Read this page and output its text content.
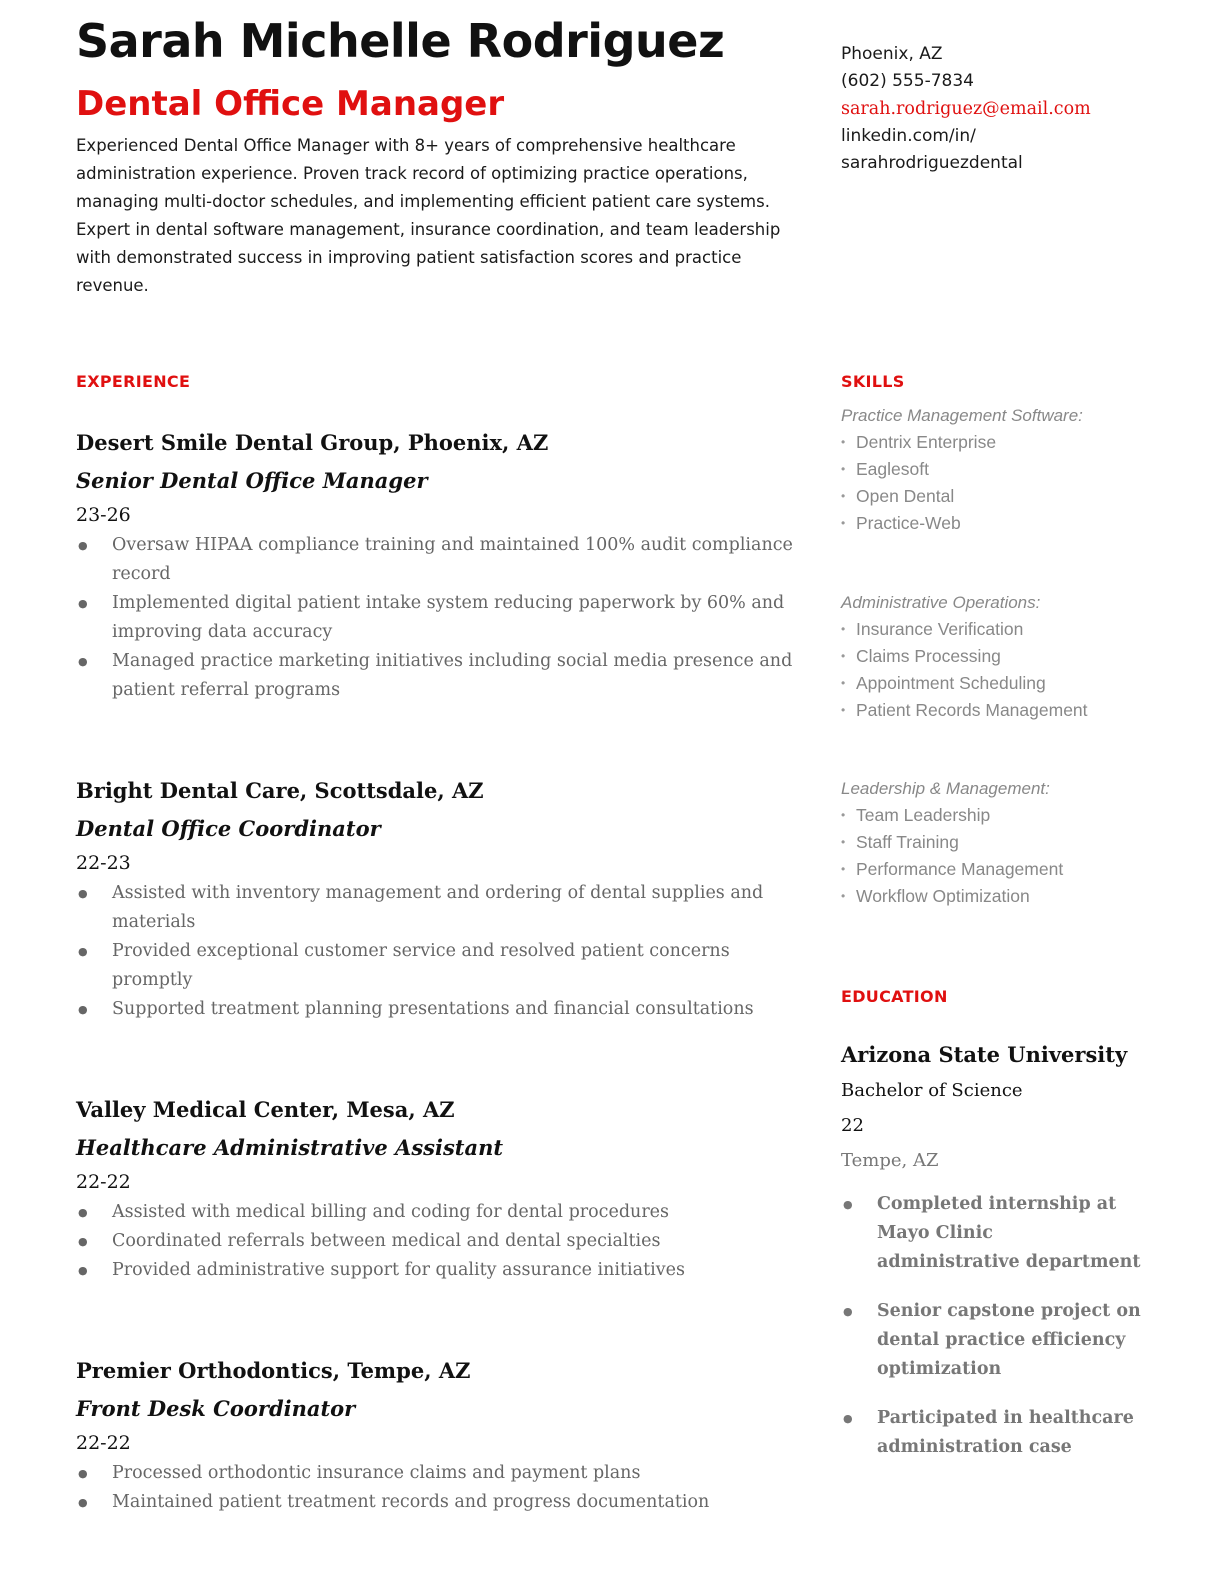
Sarah Michelle Rodriguez
Dental Office Manager

Experienced Dental Office Manager with 8+ years of comprehensive healthcare administration experience. Proven track record of optimizing practice operations, managing multi-doctor schedules, and implementing efficient patient care systems. Expert in dental software management, insurance coordination, and team leadership with demonstrated success in improving patient satisfaction scores and practice revenue.

Phoenix, AZ
(602) 555-7834
sarah.rodriguez@email.com
linkedin.com/in/
sarahrodriguezdental
EXPERIENCE
Desert Smile Dental Group, Phoenix, AZ
Senior Dental Office Manager
23-26
● Oversaw HIPAA compliance training and maintained 100% audit compliance record
● Implemented digital patient intake system reducing paperwork by 60% and improving data accuracy
● Managed practice marketing initiatives including social media presence and patient referral programs
Bright Dental Care, Scottsdale, AZ
Dental Office Coordinator
22-23
● Assisted with inventory management and ordering of dental supplies and materials
● Provided exceptional customer service and resolved patient concerns promptly
● Supported treatment planning presentations and financial consultations
Valley Medical Center, Mesa, AZ
Healthcare Administrative Assistant
22-22
● Assisted with medical billing and coding for dental procedures
● Coordinated referrals between medical and dental specialties
● Provided administrative support for quality assurance initiatives
Premier Orthodontics, Tempe, AZ
Front Desk Coordinator
22-22
● Processed orthodontic insurance claims and payment plans
● Maintained patient treatment records and progress documentation
SKILLS
Practice Management Software:
• Dentrix Enterprise
• Eaglesoft
• Open Dental
• Practice-Web
Administrative Operations:
• Insurance Verification
• Claims Processing
• Appointment Scheduling
• Patient Records Management
Leadership & Management:
• Team Leadership
• Staff Training
• Performance Management
• Workflow Optimization
EDUCATION
Arizona State University
Bachelor of Science
22
Tempe, AZ
● Completed internship at Mayo Clinic administrative department
● Senior capstone project on dental practice efficiency optimization
● Participated in healthcare administration case
